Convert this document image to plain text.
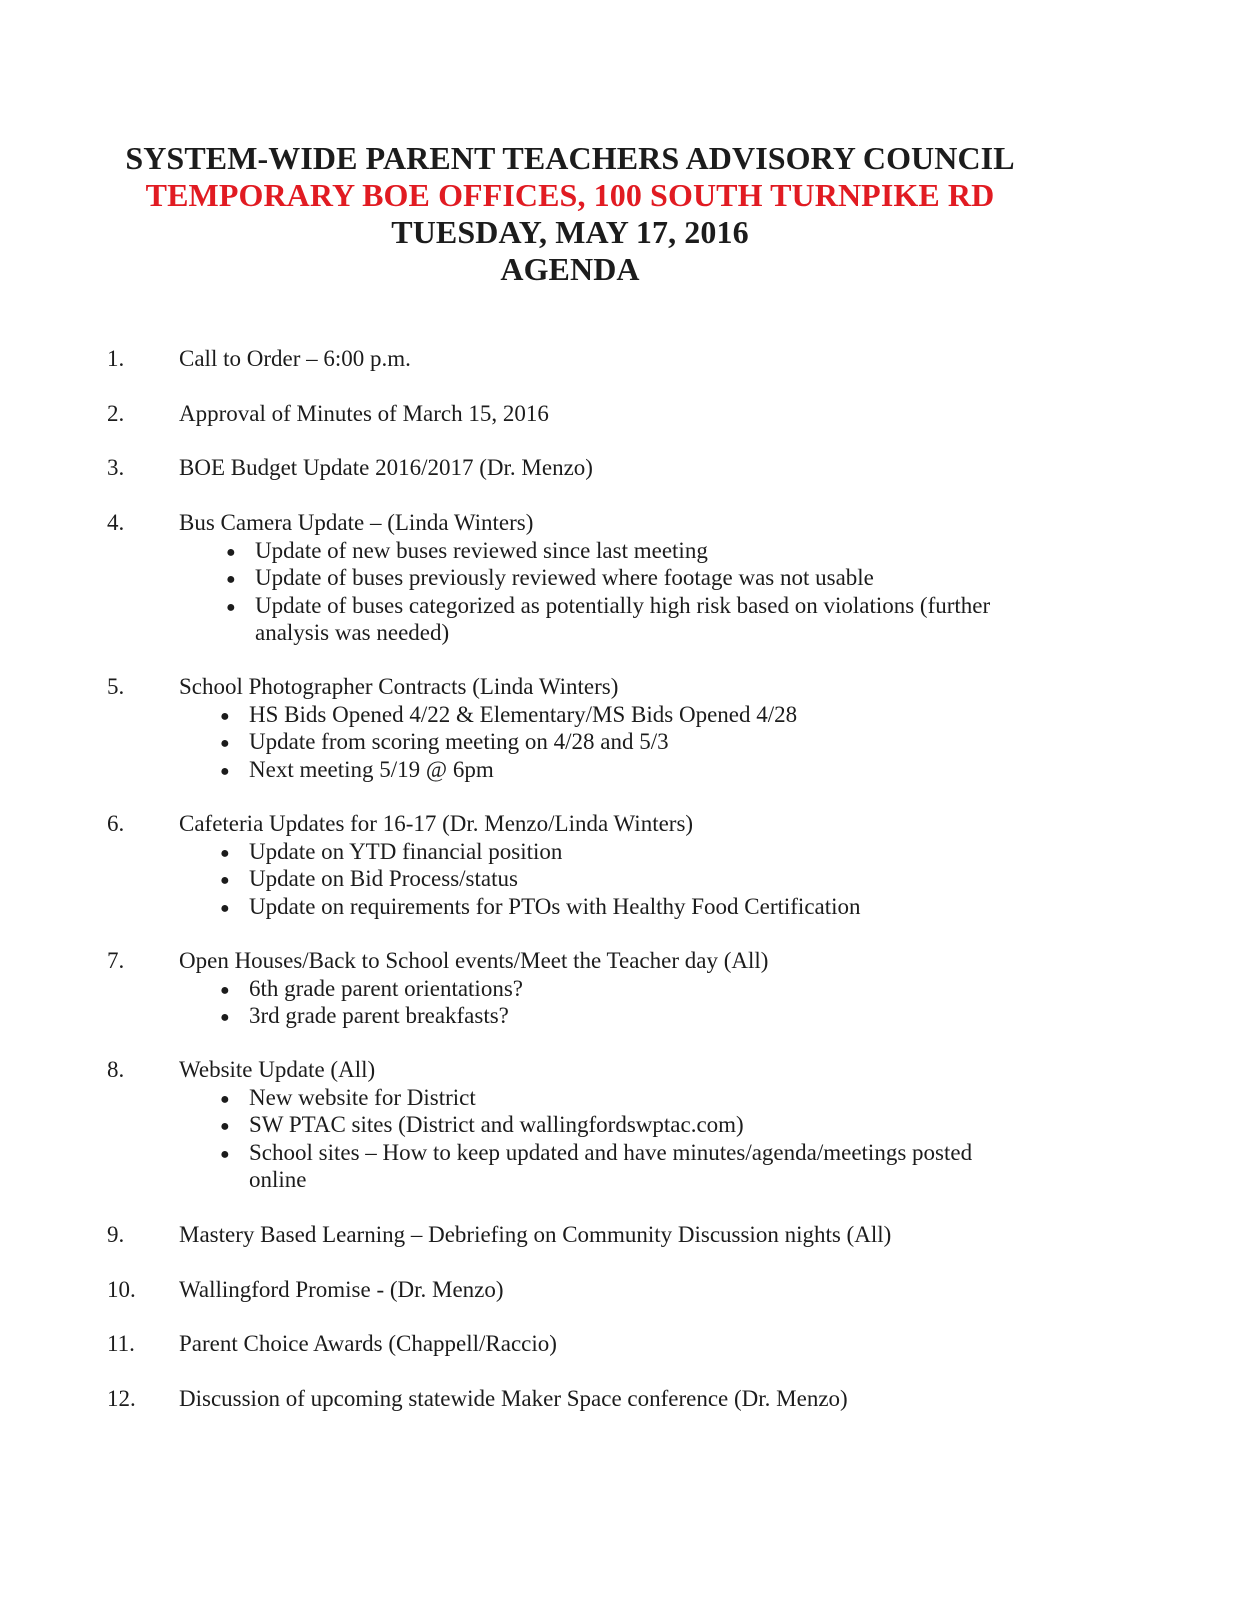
SYSTEM-WIDE PARENT TEACHERS ADVISORY COUNCIL
TEMPORARY BOE OFFICES, 100 SOUTH TURNPIKE RD
TUESDAY, MAY 17, 2016
AGENDA
1. Call to Order – 6:00 p.m.
2. Approval of Minutes of March 15, 2016
3. BOE Budget Update 2016/2017 (Dr. Menzo)
4. Bus Camera Update – (Linda Winters)
● Update of new buses reviewed since last meeting
● Update of buses previously reviewed where footage was not usable
● Update of buses categorized as potentially high risk based on violations (further analysis was needed)
5. School Photographer Contracts (Linda Winters)
● HS Bids Opened 4/22 & Elementary/MS Bids Opened 4/28
● Update from scoring meeting on 4/28 and 5/3
● Next meeting 5/19 @ 6pm
6. Cafeteria Updates for 16-17 (Dr. Menzo/Linda Winters)
● Update on YTD financial position
● Update on Bid Process/status
● Update on requirements for PTOs with Healthy Food Certification
7. Open Houses/Back to School events/Meet the Teacher day (All)
● 6th grade parent orientations?
● 3rd grade parent breakfasts?
8. Website Update (All)
● New website for District
● SW PTAC sites (District and wallingfordswptac.com)
● School sites – How to keep updated and have minutes/agenda/meetings posted online
9. Mastery Based Learning – Debriefing on Community Discussion nights (All)
10. Wallingford Promise - (Dr. Menzo)
11. Parent Choice Awards (Chappell/Raccio)
12. Discussion of upcoming statewide Maker Space conference (Dr. Menzo)
